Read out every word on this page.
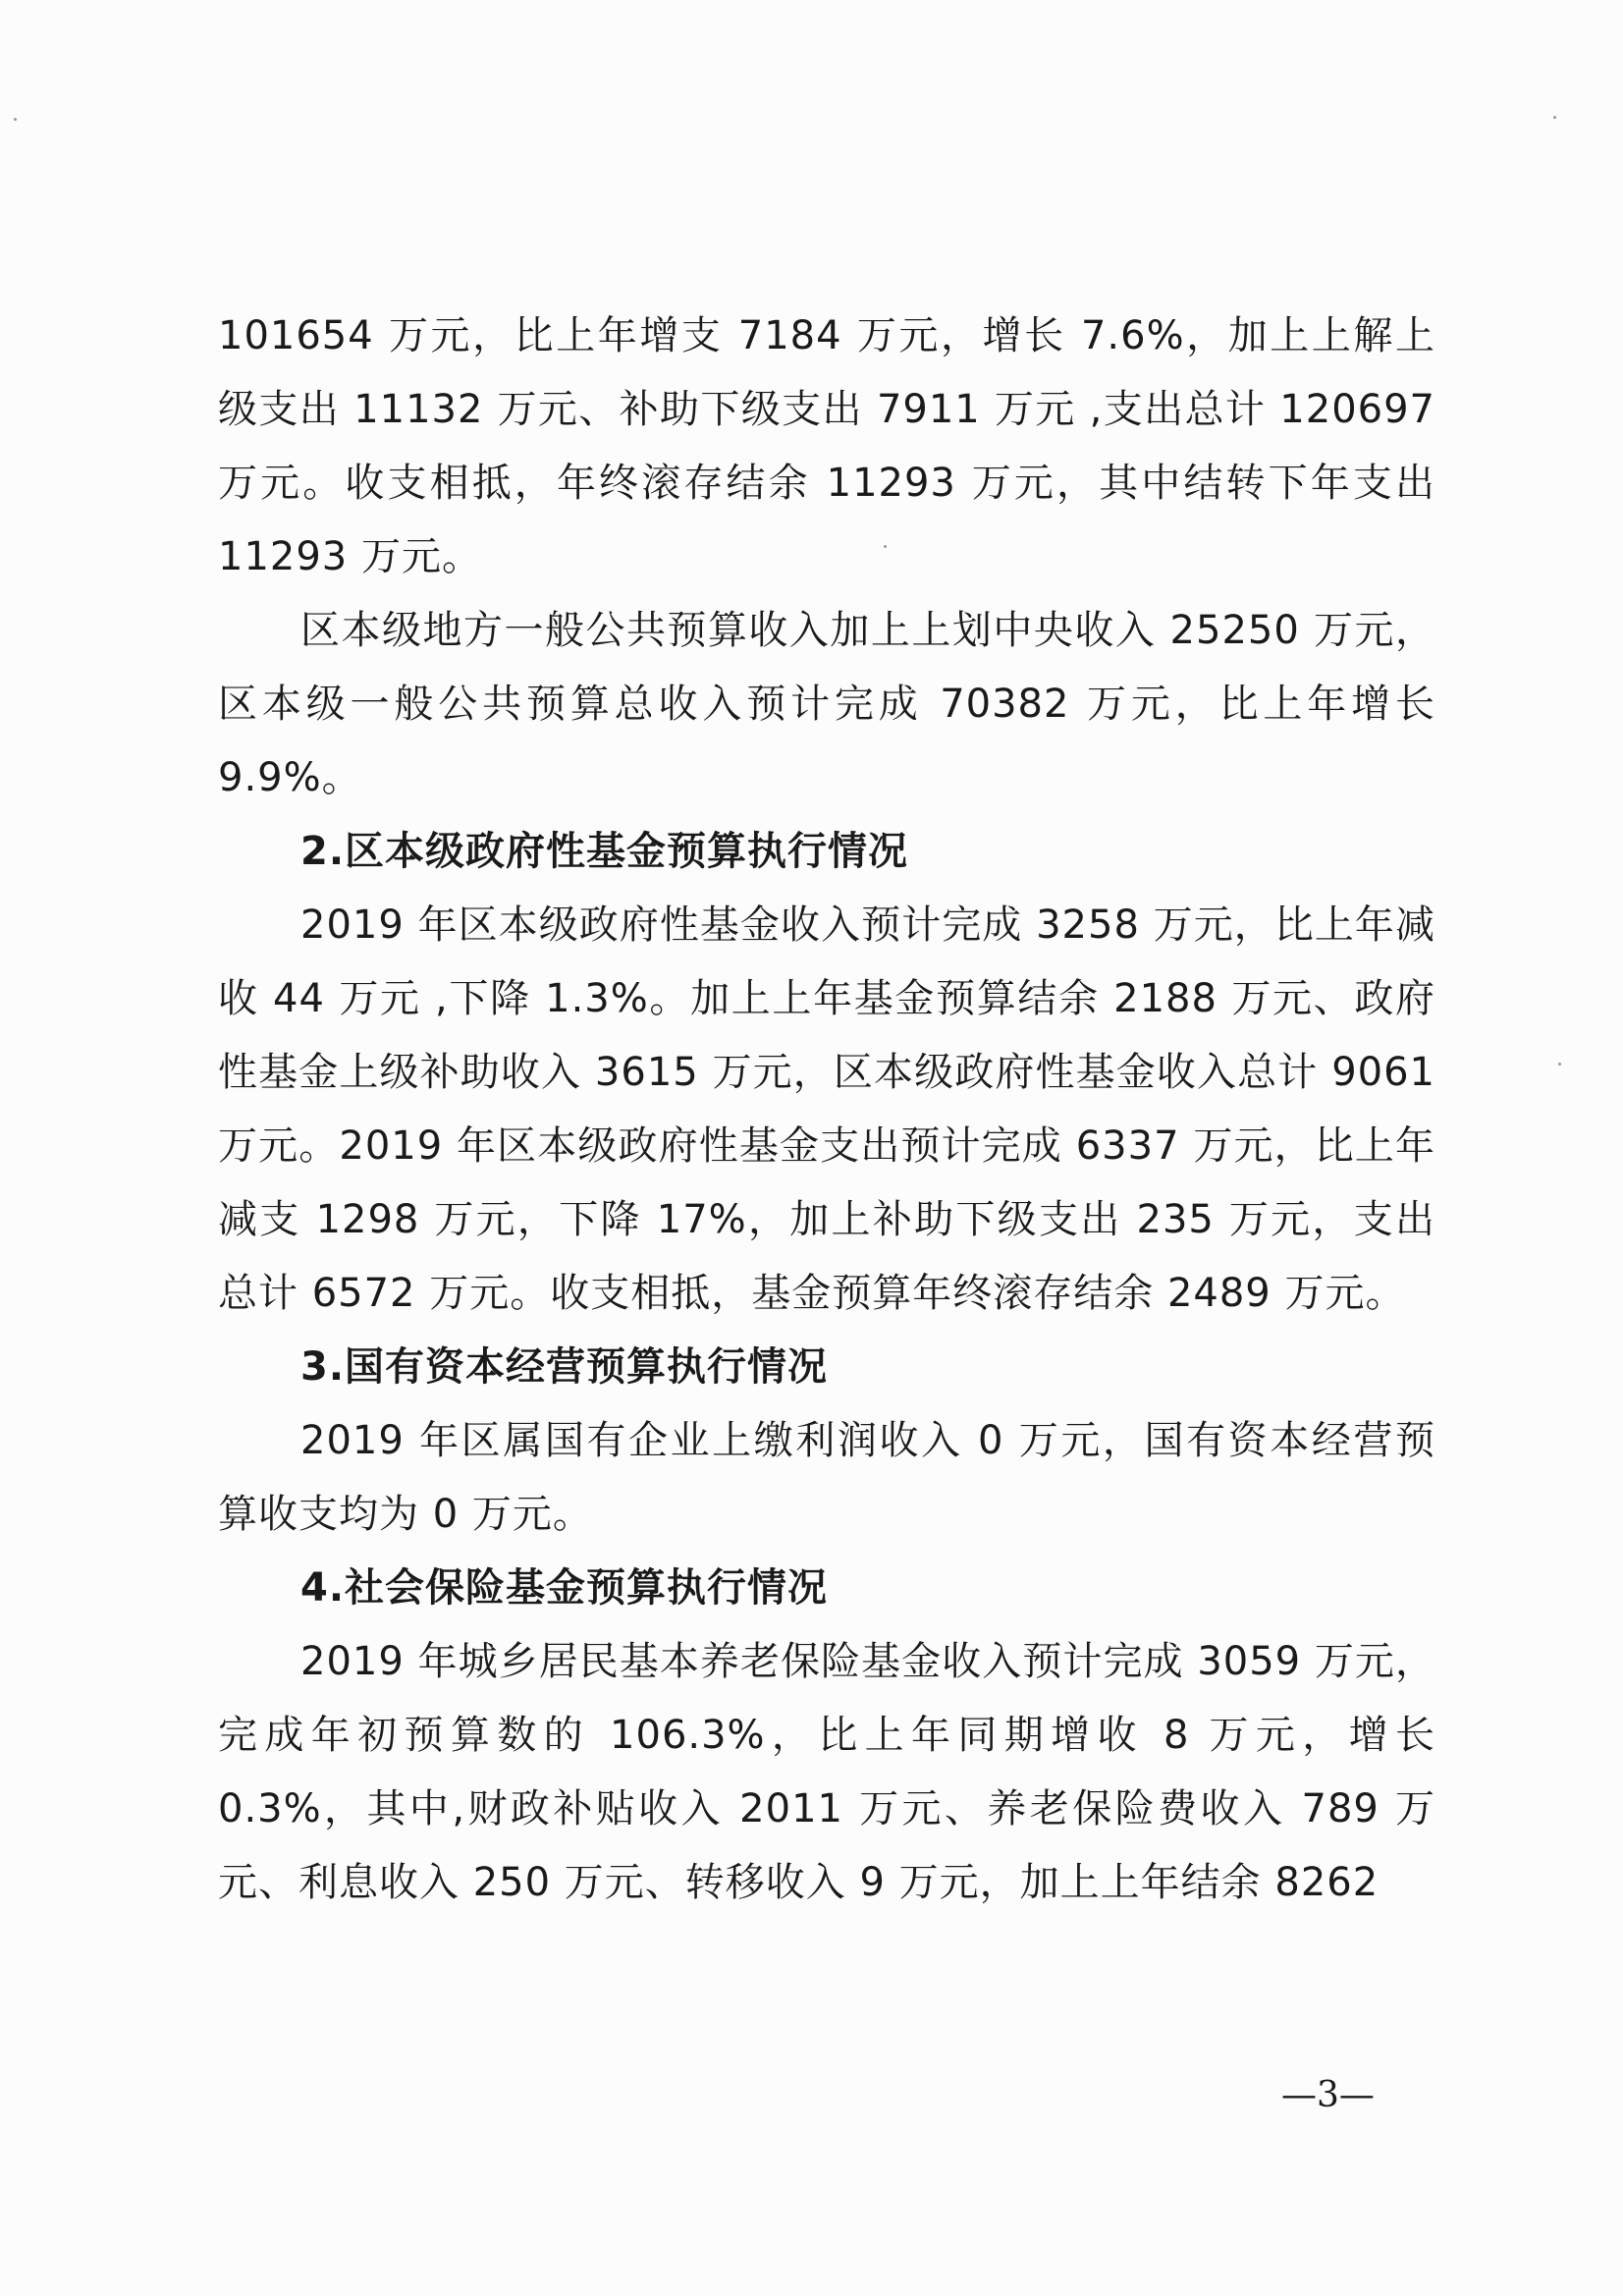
101654 万元，比上年增支 7184 万元，增长 7.6%，加上上解上级支出 11132 万元、补助下级支出 7911 万元 ,支出总计 120697 万元。收支相抵，年终滚存结余 11293 万元，其中结转下年支出 11293 万元。

区本级地方一般公共预算收入加上上划中央收入 25250 万元，区本级一般公共预算总收入预计完成 70382 万元，比上年增长 9.9%。

2.区本级政府性基金预算执行情况

2019 年区本级政府性基金收入预计完成 3258 万元，比上年减收 44 万元 ,下降 1.3%。加上上年基金预算结余 2188 万元、政府性基金上级补助收入 3615 万元，区本级政府性基金收入总计 9061 万元。2019 年区本级政府性基金支出预计完成 6337 万元，比上年减支 1298 万元，下降 17%，加上补助下级支出 235 万元，支出总计 6572 万元。收支相抵，基金预算年终滚存结余 2489 万元。

3.国有资本经营预算执行情况

2019 年区属国有企业上缴利润收入 0 万元，国有资本经营预算收支均为 0 万元。

4.社会保险基金预算执行情况

2019 年城乡居民基本养老保险基金收入预计完成 3059 万元，完成年初预算数的 106.3%，比上年同期增收 8 万元，增长 0.3%，其中,财政补贴收入 2011 万元、养老保险费收入 789 万元、利息收入 250 万元、转移收入 9 万元，加上上年结余 8262

—3—
